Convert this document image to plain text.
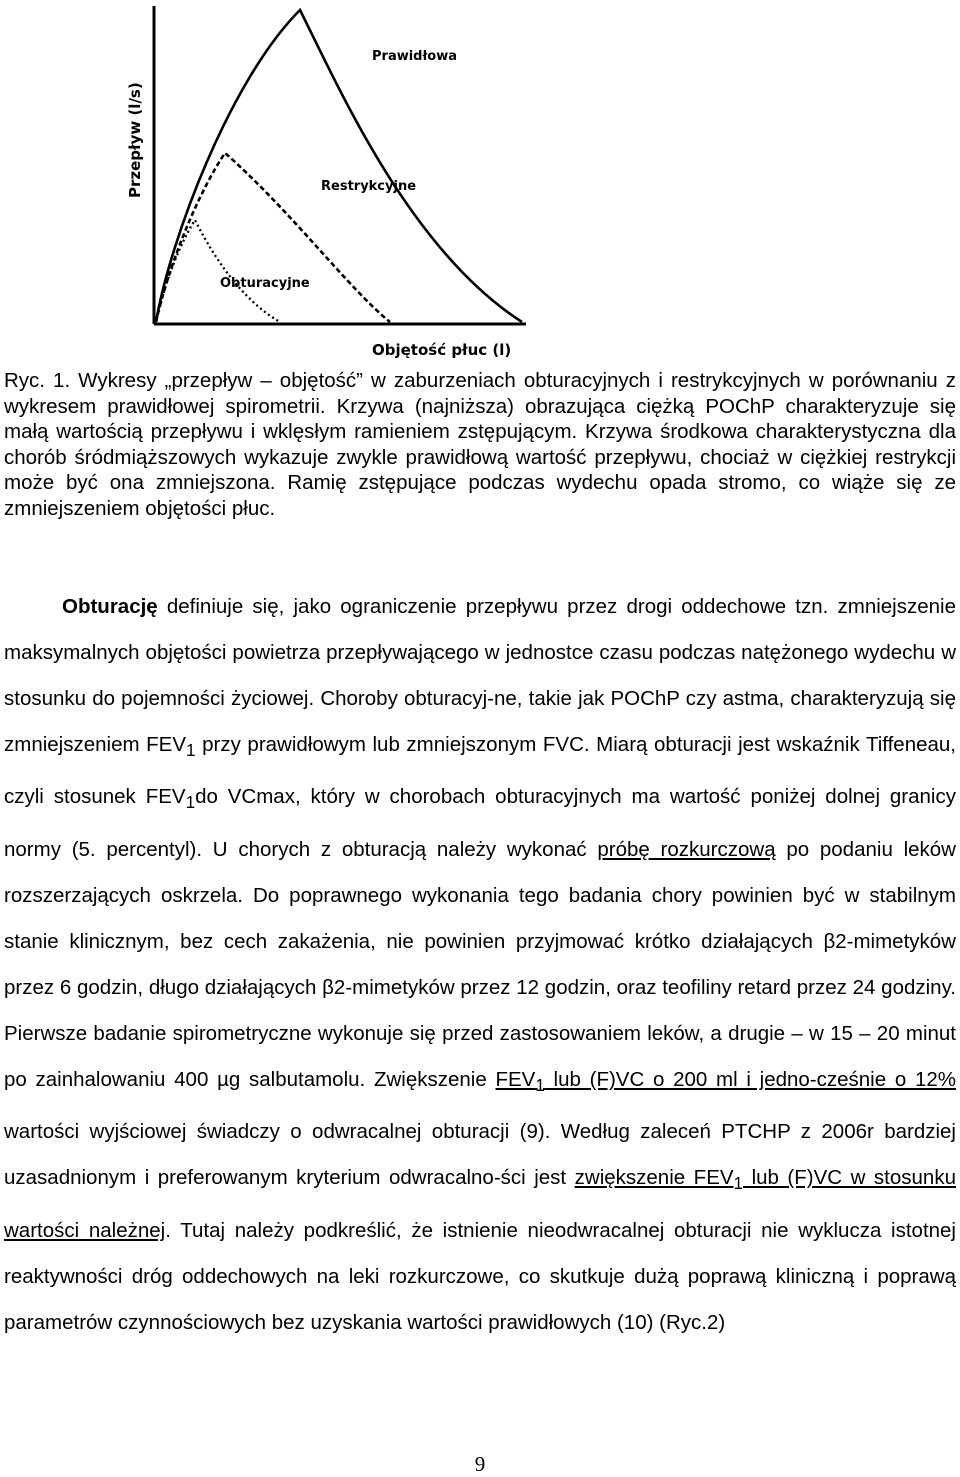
Przepływ (l/s)
Objętość płuc (l)
Prawidłowa
Restrykcyjne
Obturacyjne

Ryc. 1. Wykresy „przepływ – objętość” w zaburzeniach obturacyjnych i restrykcyjnych w porównaniu z wykresem prawidłowej spirometrii. Krzywa (najniższa) obrazująca ciężką POChP charakteryzuje się małą wartością przepływu i wklęsłym ramieniem zstępującym. Krzywa środkowa charakterystyczna dla chorób śródmiąższowych wykazuje zwykle prawidłową wartość przepływu, chociaż w ciężkiej restrykcji może być ona zmniejszona. Ramię zstępujące podczas wydechu opada stromo, co wiąże się ze zmniejszeniem objętości płuc.

Obturację definiuje się, jako ograniczenie przepływu przez drogi oddechowe tzn. zmniejszenie maksymalnych objętości powietrza przepływającego w jednostce czasu podczas natężonego wydechu w stosunku do pojemności życiowej. Choroby obturacyj-ne, takie jak POChP czy astma, charakteryzują się zmniejszeniem $FEV_1$ przy prawidłowym lub zmniejszonym FVC. Miarą obturacji jest wskaźnik Tiffeneau, czyli stosunek $FEV_1do$ VCmax, który w chorobach obturacyjnych ma wartość poniżej dolnej granicy normy (5. percentyl). U chorych z obturacją należy wykonać próbę rozkurczową po podaniu leków rozszerzających oskrzela. Do poprawnego wykonania tego badania chory powinien być w stabilnym stanie klinicznym, bez cech zakażenia, nie powinien przyjmować krótko działających β2-mimetyków przez 6 godzin, długo działających β2-mimetyków przez 12 godzin, oraz teofiliny retard przez 24 godziny. Pierwsze badanie spirometryczne wykonuje się przed zastosowaniem leków, a drugie – w 15 – 20 minut po zainhalowaniu 400 µg salbutamolu. Zwiększenie $FEV_1$ lub (F)VC o 200 ml i jedno-cześnie o 12% wartości wyjściowej świadczy o odwracalnej obturacji (9). Według zaleceń PTCHP z 2006r bardziej uzasadnionym i preferowanym kryterium odwracalno-ści jest zwiększenie $FEV_1$ lub (F)VC w stosunku wartości należnej. Tutaj należy podkreślić, że istnienie nieodwracalnej obturacji nie wyklucza istotnej reaktywności dróg oddechowych na leki rozkurczowe, co skutkuje dużą poprawą kliniczną i poprawą parametrów czynnościowych bez uzyskania wartości prawidłowych (10) (Ryc.2)

9
